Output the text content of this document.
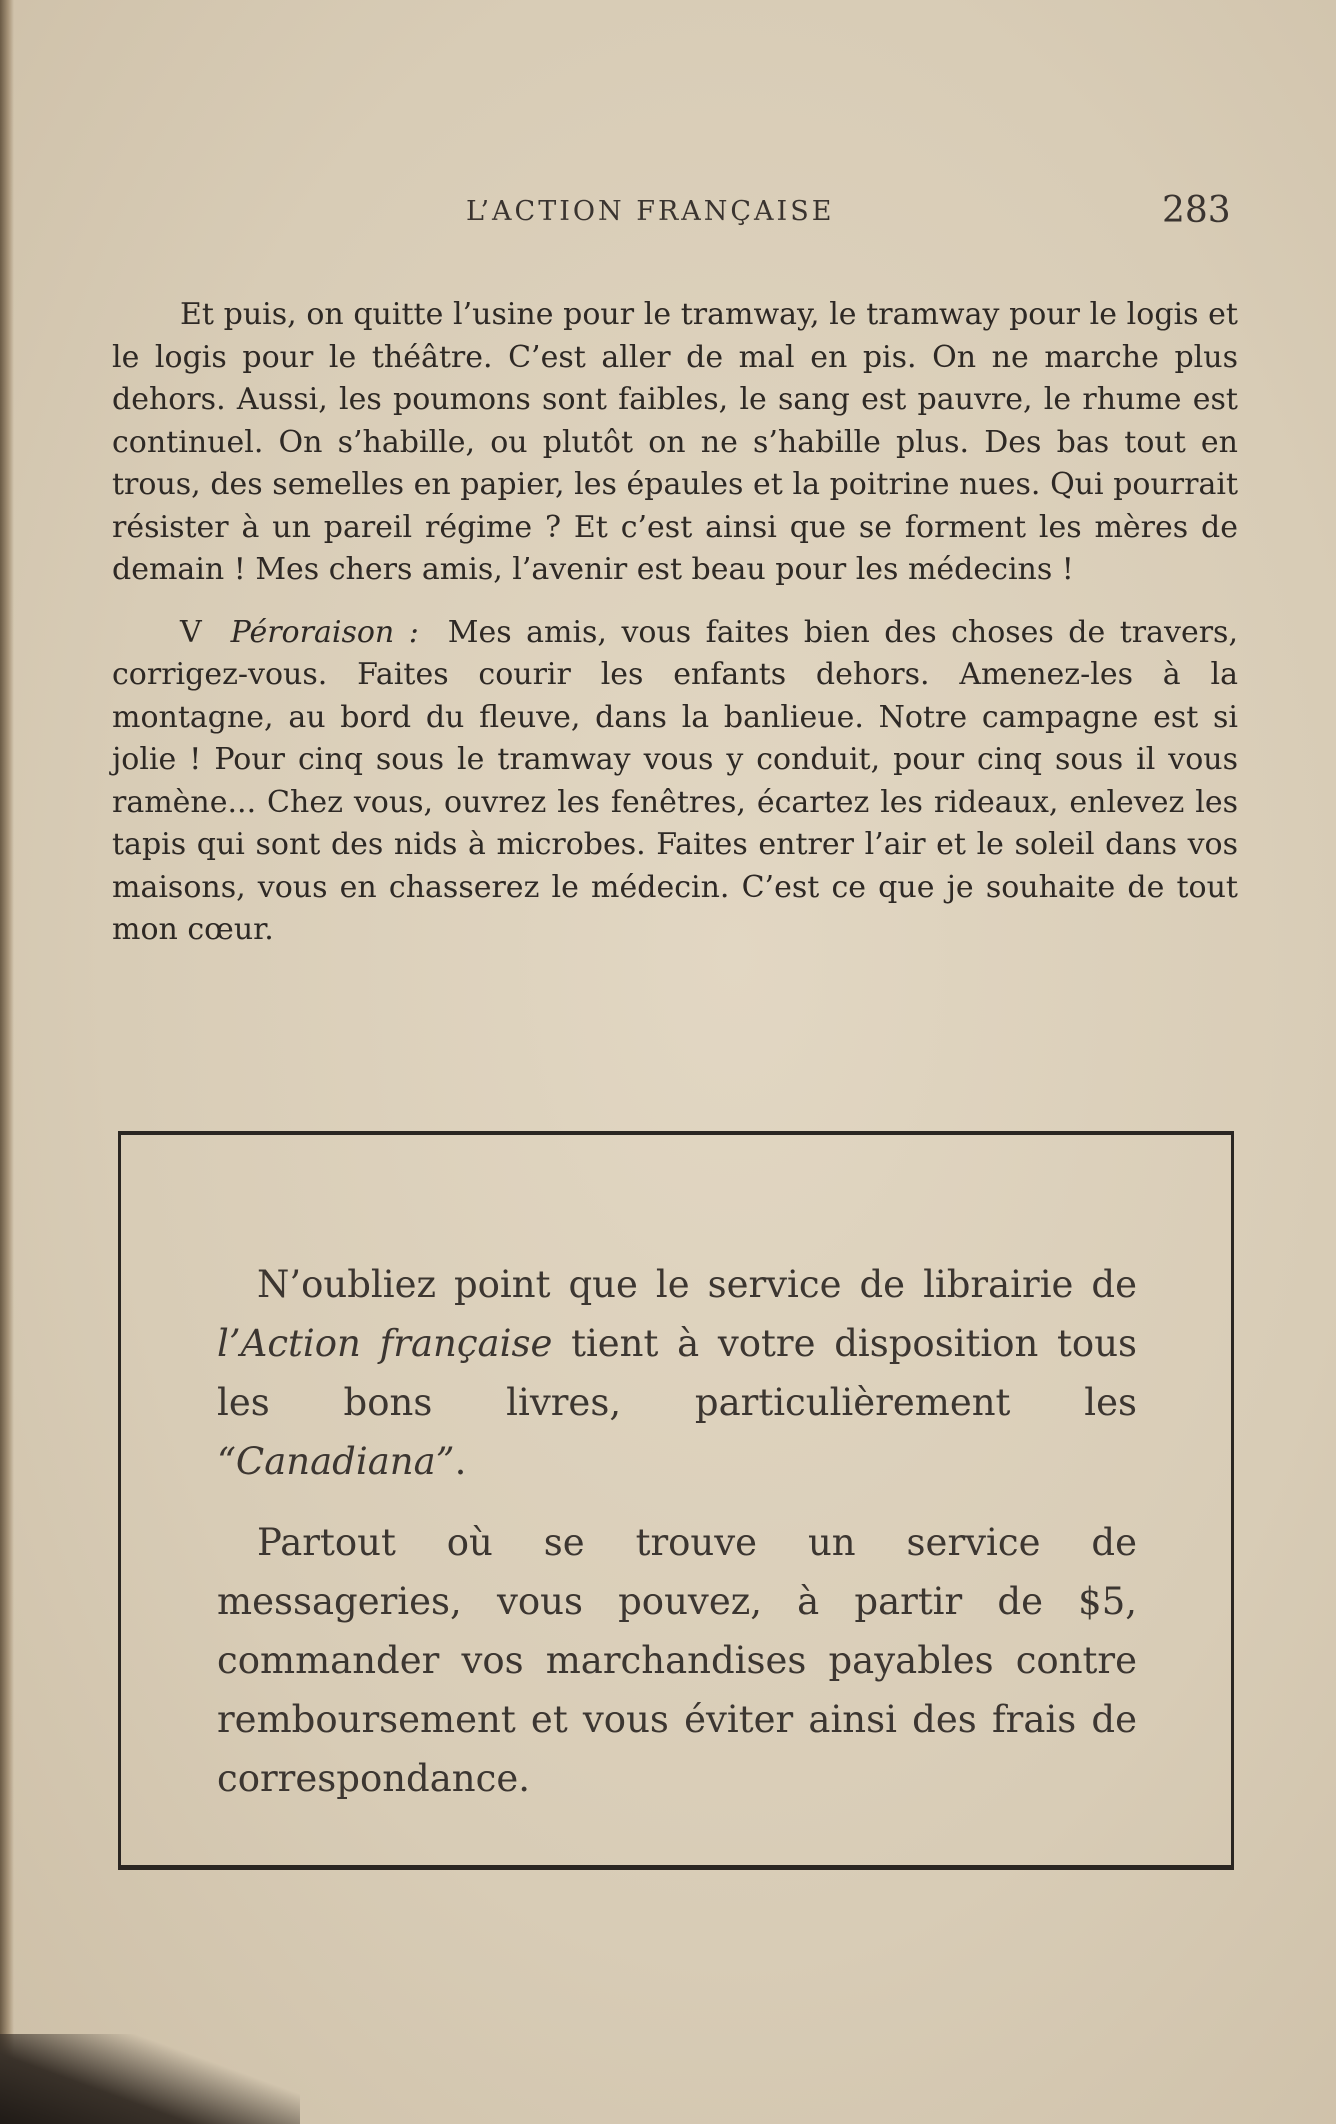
L’ACTION FRANÇAISE	283

Et puis, on quitte l’usine pour le tramway, le tramway pour le logis et le logis pour le théâtre. C’est aller de mal en pis. On ne marche plus dehors. Aussi, les poumons sont faibles, le sang est pauvre, le rhume est continuel. On s’habille, ou plutôt on ne s’habille plus. Des bas tout en trous, des semelles en papier, les épaules et la poitrine nues. Qui pourrait résister à un pareil régime ? Et c’est ainsi que se forment les mères de demain ! Mes chers amis, l’avenir est beau pour les médecins !

V Péroraison : Mes amis, vous faites bien des choses de travers, corrigez-vous. Faites courir les enfants dehors. Amenez-les à la montagne, au bord du fleuve, dans la banlieue. Notre campagne est si jolie ! Pour cinq sous le tramway vous y conduit, pour cinq sous il vous ramène... Chez vous, ouvrez les fenêtres, écartez les rideaux, enlevez les tapis qui sont des nids à microbes. Faites entrer l’air et le soleil dans vos maisons, vous en chasserez le médecin. C’est ce que je souhaite de tout mon cœur.

N’oubliez point que le service de librairie de l’Action française tient à votre disposition tous les bons livres, particulièrement les “Canadiana”.

Partout où se trouve un service de messageries, vous pouvez, à partir de $5, commander vos marchandises payables contre remboursement et vous éviter ainsi des frais de correspondance.
